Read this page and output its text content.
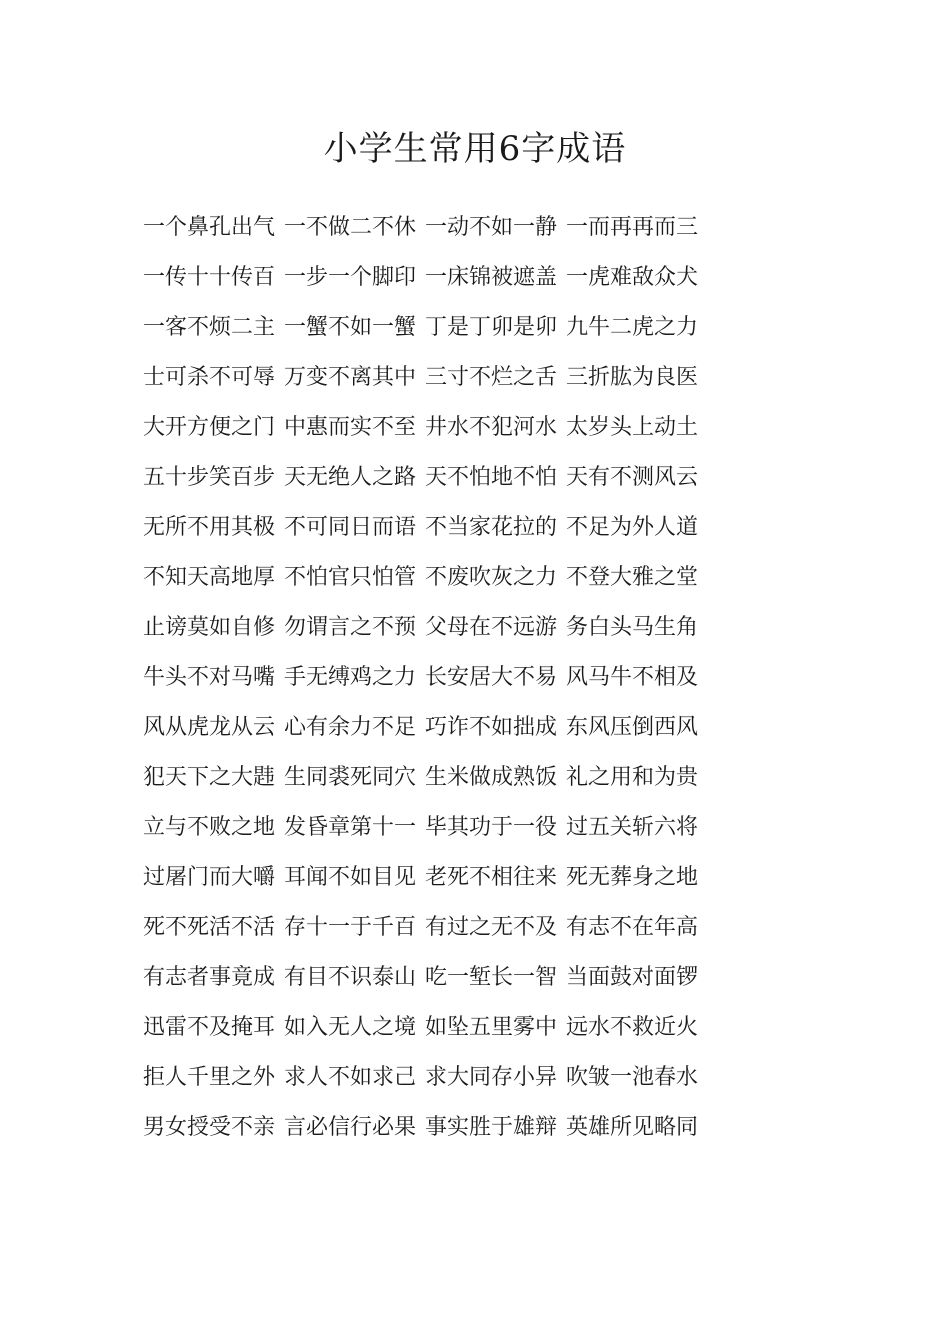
小学生常用6字成语
一个鼻孔出气 一不做二不休 一动不如一静 一而再再而三
一传十十传百 一步一个脚印 一床锦被遮盖 一虎难敌众犬
一客不烦二主 一蟹不如一蟹 丁是丁卯是卯 九牛二虎之力
士可杀不可辱 万变不离其中 三寸不烂之舌 三折肱为良医
大开方便之门 中惠而实不至 井水不犯河水 太岁头上动土
五十步笑百步 天无绝人之路 天不怕地不怕 天有不测风云
无所不用其极 不可同日而语 不当家花拉的 不足为外人道
不知天高地厚 不怕官只怕管 不废吹灰之力 不登大雅之堂
止谤莫如自修 勿谓言之不预 父母在不远游 务白头马生角
牛头不对马嘴 手无缚鸡之力 长安居大不易 风马牛不相及
风从虎龙从云 心有余力不足 巧诈不如拙成 东风压倒西风
犯天下之大韪 生同裘死同穴 生米做成熟饭 礼之用和为贵
立与不败之地 发昏章第十一 毕其功于一役 过五关斩六将
过屠门而大嚼 耳闻不如目见 老死不相往来 死无葬身之地
死不死活不活 存十一于千百 有过之无不及 有志不在年高
有志者事竟成 有目不识泰山 吃一堑长一智 当面鼓对面锣
迅雷不及掩耳 如入无人之境 如坠五里雾中 远水不救近火
拒人千里之外 求人不如求己 求大同存小异 吹皱一池春水
男女授受不亲 言必信行必果 事实胜于雄辩 英雄所见略同
